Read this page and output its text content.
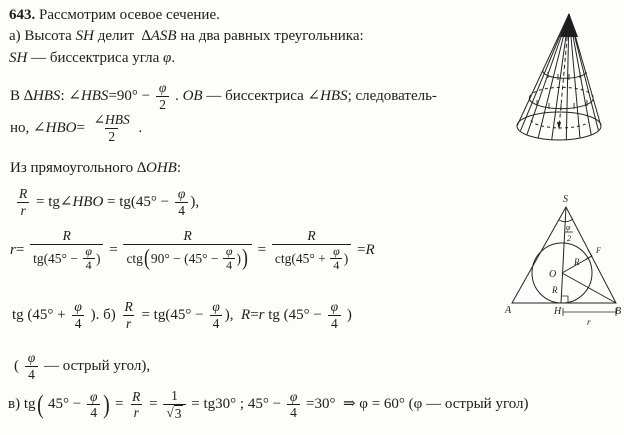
643. Рассмотрим осевое сечение.
а) Высота SH делит  ∆ ASB на два равных треугольника:
SH — биссектриса угла φ .
В ∆ HBS : ∠ HBS $=90^\circ - \frac{\varphi}{2}$ . OB — биссектриса ∠ HBS ; следователь-
но, ∠ HBO = $\frac{\text{∠ HBS}}{2}$ .
Из прямоугольного ∆ OHB :
$\frac{R}{r}$ = tg∠ HBO = $tg(45^\circ - \frac{\varphi}{4}$ ),
$r = \frac{R}{tg(45^\circ - \frac{\varphi}{4} )} = \frac{R}{ctg ( 90^\circ - (45^\circ - \frac{\varphi}{4} ) )} = \frac{R}{ctg(45^\circ + \frac{\varphi}{4} )} = R$
tg ($45^\circ + \frac{\varphi}{4}$ ). $б) \frac{R}{r} = tg(45^\circ - \frac{\varphi}{4}$ ), R = r tg ($45^\circ - \frac{\varphi}{4}$ )
( $\frac{\varphi}{4}$ — острый угол),
в) tg ( $45^\circ - \frac{\varphi}{4}$ ) = $\frac{R}{r} = \frac{1}{√ 3} = tg30^\circ$ ; $45^\circ - \frac{\varphi}{4} =30^\circ$  ⇒ φ = 60° (φ — острый угол)
S
φ
2
O
R
R
F
A	H	B
r
